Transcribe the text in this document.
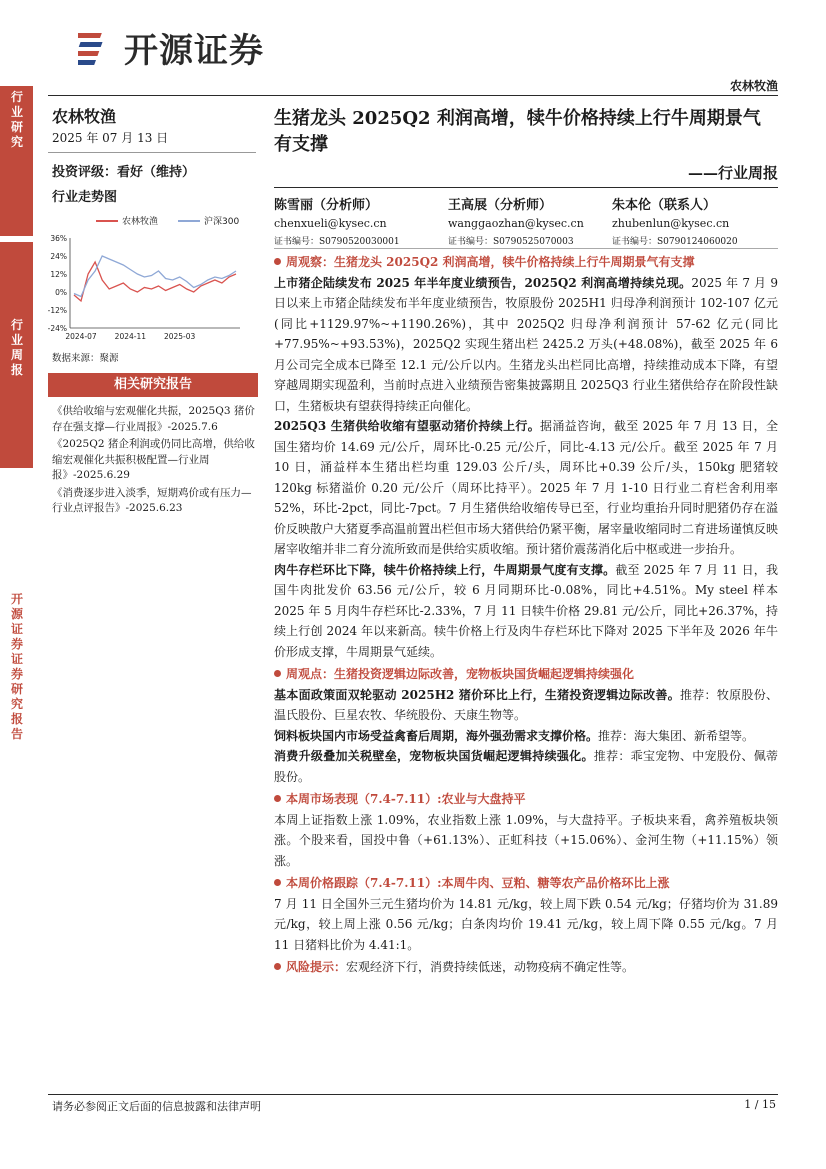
开源证券
农林牧渔
行业研究
行业周报
开源证券 证券研究报告
农林牧渔
2025 年 07 月 13 日
投资评级：看好（维持）
行业走势图
农林牧渔	沪深300
36%
24%
12%
0%
-12%
-24%
2024-07 2024-11 2025-03
数据来源：聚源
相关研究报告
《供给收缩与宏观催化共振，2025Q3 猪价存在强支撑—行业周报》-2025.7.6
《2025Q2 猪企利润或仍同比高增，供给收缩宏观催化共振积极配置—行业周报》-2025.6.29
《消费逐步进入淡季，短期鸡价或有压力—行业点评报告》-2025.6.23
生猪龙头 2025Q2 利润高增，犊牛价格持续上行牛周期景气有支撑
——行业周报
陈雪丽（分析师）
chenxueli@kysec.cn
证书编号：S0790520030001
王高展（分析师）
wanggaozhan@kysec.cn
证书编号：S0790525070003
朱本伦（联系人）
zhubenlun@kysec.cn
证书编号：S0790124060020
周观察：生猪龙头 2025Q2 利润高增，犊牛价格持续上行牛周期景气有支撑
上市猪企陆续发布 2025 年半年度业绩预告，2025Q2 利润高增持续兑现。2025 年 7 月 9 日以来上市猪企陆续发布半年度业绩预告，牧原股份 2025H1 归母净利润预计 102-107 亿元(同比+1129.97%~+1190.26%)，其中 2025Q2 归母净利润预计 57-62 亿元(同比+77.95%~+93.53%)，2025Q2 实现生猪出栏 2425.2 万头(+48.08%)，截至 2025 年 6 月公司完全成本已降至 12.1 元/公斤以内。生猪龙头出栏同比高增，持续推动成本下降，有望穿越周期实现盈利，当前时点进入业绩预告密集披露期且 2025Q3 行业生猪供给存在阶段性缺口，生猪板块有望获得持续正向催化。
2025Q3 生猪供给收缩有望驱动猪价持续上行。据涌益咨询，截至 2025 年 7 月 13 日，全国生猪均价 14.69 元/公斤，周环比-0.25 元/公斤，同比-4.13 元/公斤。截至 2025 年 7 月 10 日，涌益样本生猪出栏均重 129.03 公斤/头，周环比+0.39 公斤/头，150kg 肥猪较 120kg 标猪溢价 0.20 元/公斤（周环比持平）。2025 年 7 月 1-10 日行业二育栏舍利用率 52%，环比-2pct，同比-7pct。7 月生猪供给收缩传导已至，行业均重抬升同时肥猪仍存在溢价反映散户大猪夏季高温前置出栏但市场大猪供给仍紧平衡，屠宰量收缩同时二育进场谨慎反映屠宰收缩并非二育分流所致而是供给实质收缩。预计猪价震荡消化后中枢或进一步抬升。
肉牛存栏环比下降，犊牛价格持续上行，牛周期景气度有支撑。截至 2025 年 7 月 11 日，我国牛肉批发价 63.56 元/公斤，较 6 月同期环比-0.08%，同比+4.51%。My steel 样本 2025 年 5 月肉牛存栏环比-2.33%，7 月 11 日犊牛价格 29.81 元/公斤，同比+26.37%，持续上行创 2024 年以来新高。犊牛价格上行及肉牛存栏环比下降对 2025 下半年及 2026 年牛价形成支撑，牛周期景气延续。
周观点：生猪投资逻辑边际改善，宠物板块国货崛起逻辑持续强化
基本面政策面双轮驱动 2025H2 猪价环比上行，生猪投资逻辑边际改善。推荐：牧原股份、温氏股份、巨星农牧、华统股份、天康生物等。
饲料板块国内市场受益禽畜后周期，海外强劲需求支撑价格。推荐：海大集团、新希望等。
消费升级叠加关税壁垒，宠物板块国货崛起逻辑持续强化。推荐：乖宝宠物、中宠股份、佩蒂股份。
本周市场表现（7.4-7.11）:农业与大盘持平
本周上证指数上涨 1.09%，农业指数上涨 1.09%，与大盘持平。子板块来看，禽养殖板块领涨。个股来看，国投中鲁（+61.13%）、正虹科技（+15.06%）、金河生物（+11.15%）领涨。
本周价格跟踪（7.4-7.11）:本周牛肉、豆粕、糖等农产品价格环比上涨
7 月 11 日全国外三元生猪均价为 14.81 元/kg，较上周下跌 0.54 元/kg；仔猪均价为 31.89 元/kg，较上周上涨 0.56 元/kg；白条肉均价 19.41 元/kg，较上周下降 0.55 元/kg。7 月 11 日猪料比价为 4.41:1。
风险提示：宏观经济下行，消费持续低迷，动物疫病不确定性等。
请务必参阅正文后面的信息披露和法律声明	1 / 15
